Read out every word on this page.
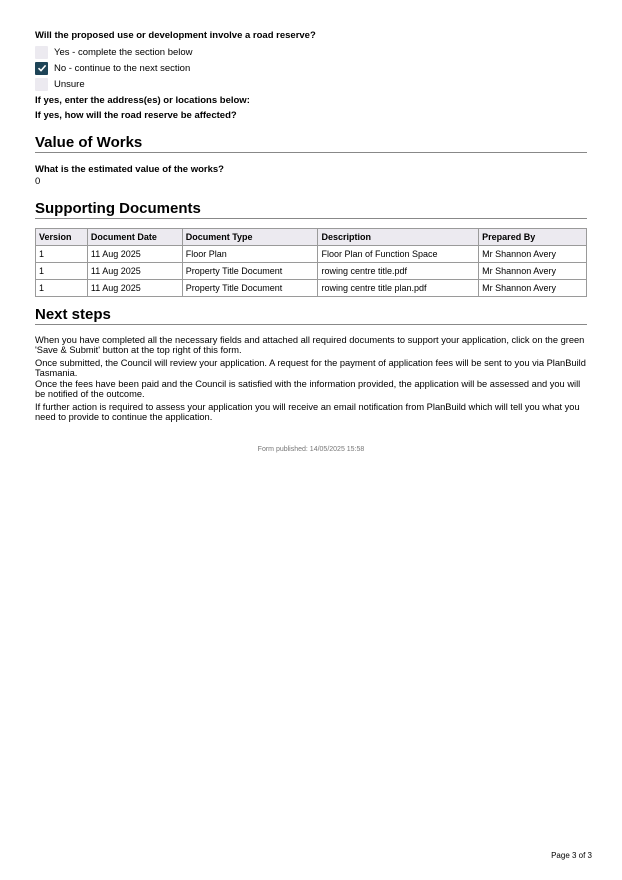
Will the proposed use or development involve a road reserve?
Yes - complete the section below
No - continue to the next section
Unsure
If yes, enter the address(es) or locations below:
If yes, how will the road reserve be affected?
Value of Works
What is the estimated value of the works?
0
Supporting Documents
Version	Document Date	Document Type	Description	Prepared By
1	11 Aug 2025	Floor Plan	Floor Plan of Function Space	Mr Shannon Avery
1	11 Aug 2025	Property Title Document	rowing centre title.pdf	Mr Shannon Avery
1	11 Aug 2025	Property Title Document	rowing centre title plan.pdf	Mr Shannon Avery
Next steps
When you have completed all the necessary fields and attached all required documents to support your application, click on the green 'Save & Submit' button at the top right of this form.
Once submitted, the Council will review your application. A request for the payment of application fees will be sent to you via PlanBuild Tasmania.
Once the fees have been paid and the Council is satisfied with the information provided, the application will be assessed and you will be notified of the outcome.
If further action is required to assess your application you will receive an email notification from PlanBuild which will tell you what you need to provide to continue the application.
Form published: 14/05/2025 15:58
Page 3 of 3
